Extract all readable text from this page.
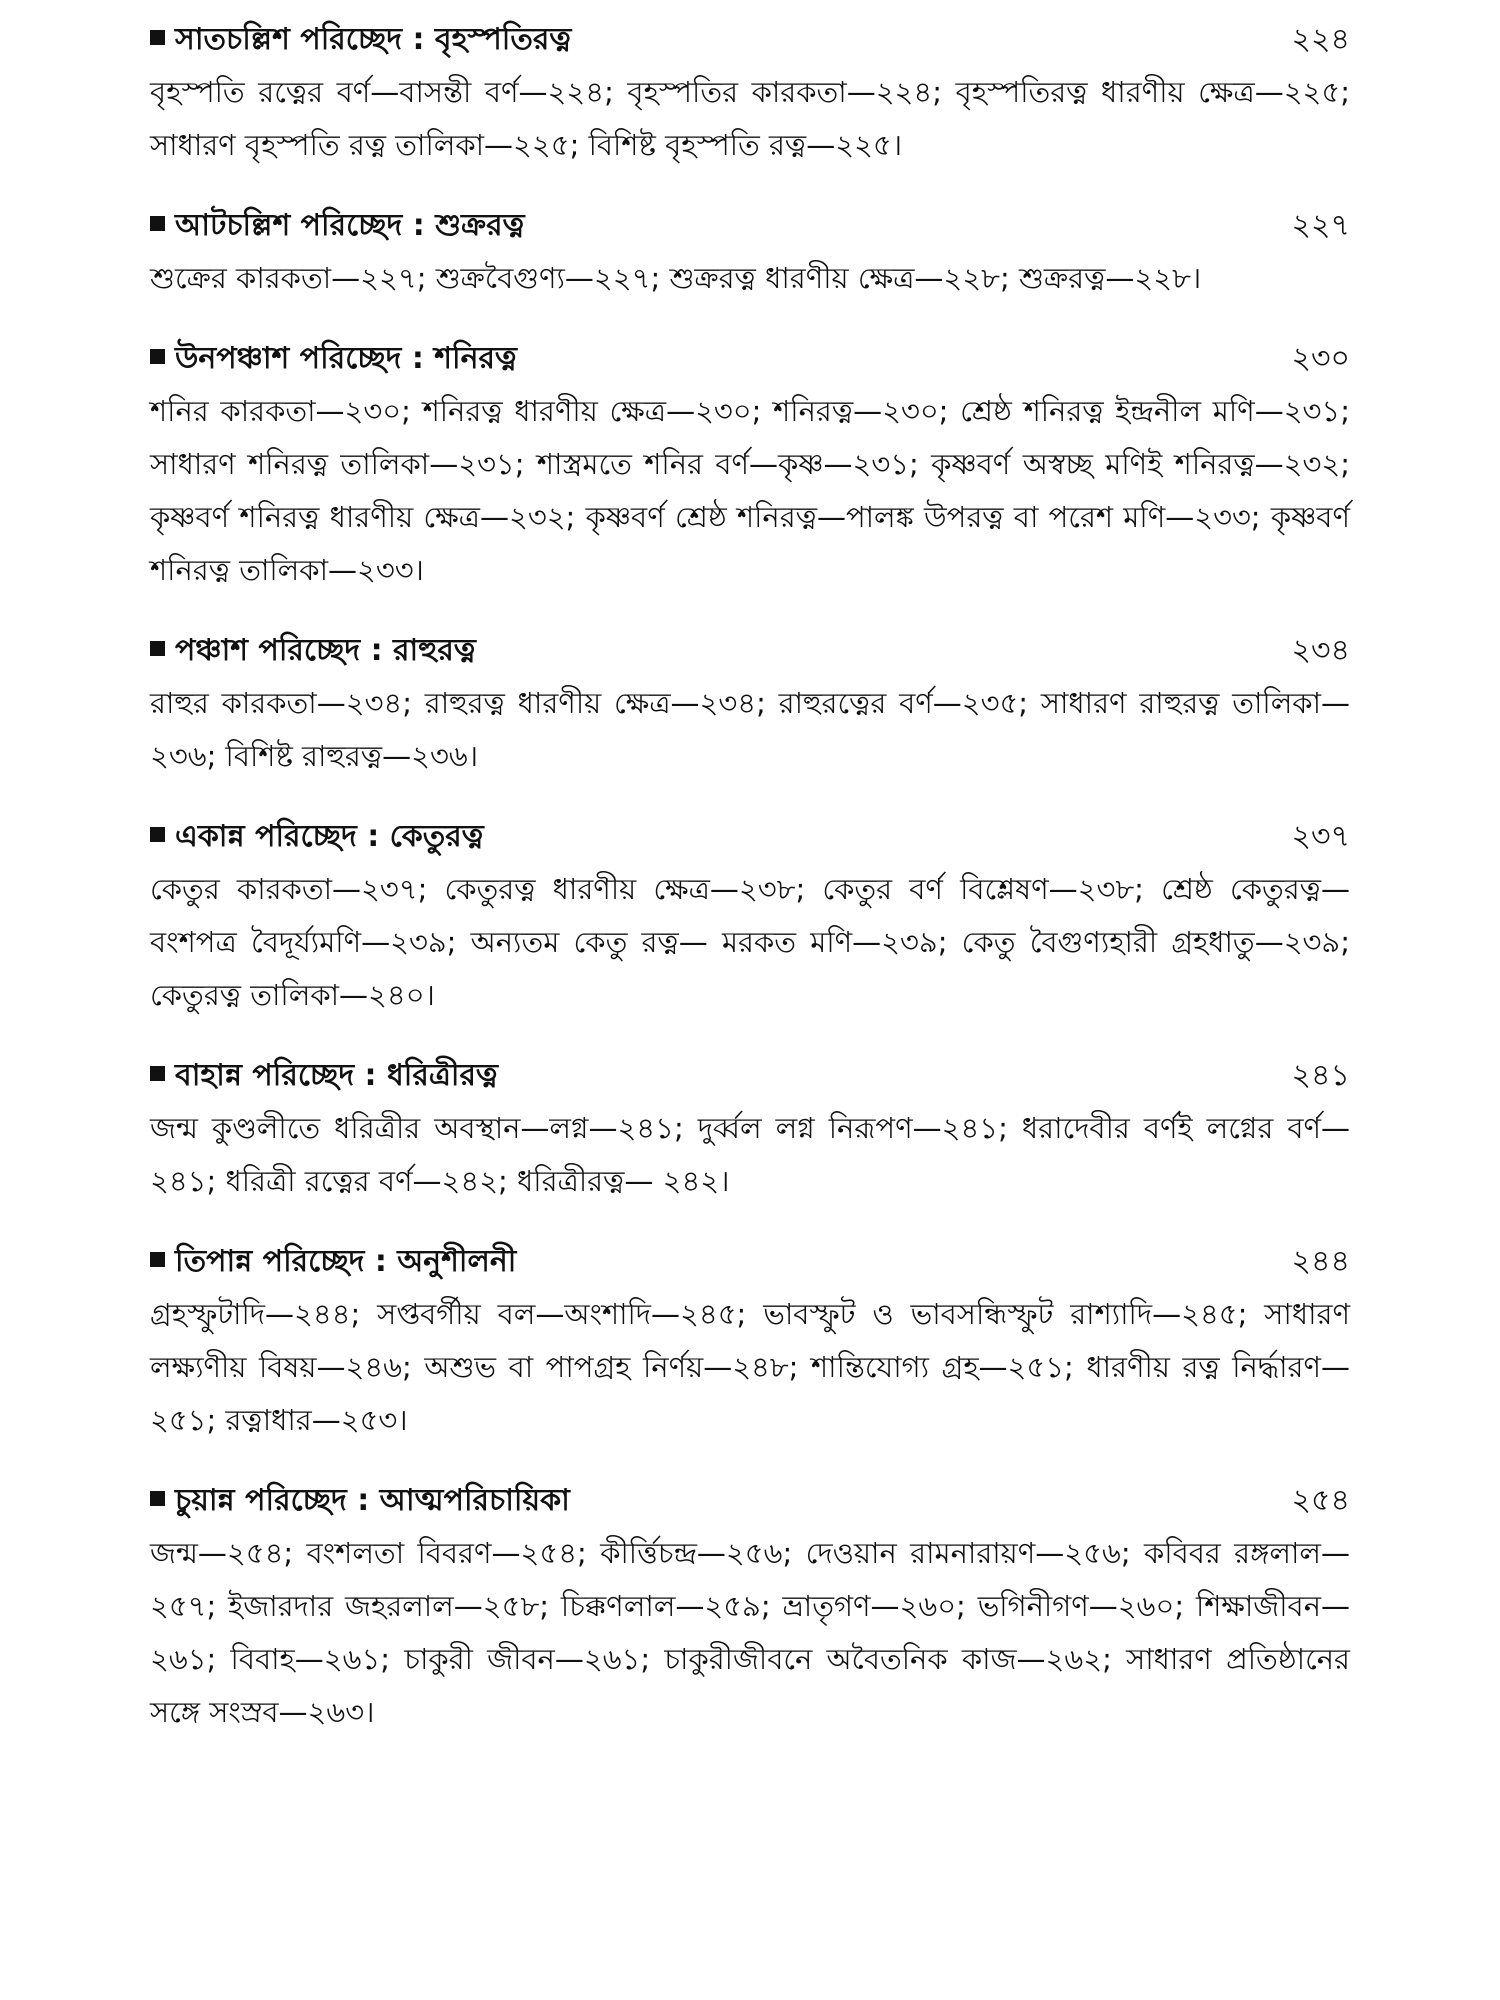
সাতচল্লিশ পরিচ্ছেদ : বৃহস্পতিরত্ন	২২৪
বৃহস্পতি রত্নের বর্ণ—বাসন্তী বর্ণ—২২৪; বৃহস্পতির কারকতা—২২৪; বৃহস্পতিরত্ন ধারণীয় ক্ষেত্র—২২৫; সাধারণ বৃহস্পতি রত্ন তালিকা—২২৫; বিশিষ্ট বৃহস্পতি রত্ন—২২৫।
আটচল্লিশ পরিচ্ছেদ : শুক্ররত্ন	২২৭
শুক্রের কারকতা—২২৭; শুক্রবৈগুণ্য—২২৭; শুক্ররত্ন ধারণীয় ক্ষেত্র—২২৮; শুক্ররত্ন—২২৮।
উনপঞ্চাশ পরিচ্ছেদ : শনিরত্ন	২৩০
শনির কারকতা—২৩০; শনিরত্ন ধারণীয় ক্ষেত্র—২৩০; শনিরত্ন—২৩০; শ্রেষ্ঠ শনিরত্ন ইন্দ্রনীল মণি—২৩১; সাধারণ শনিরত্ন তালিকা—২৩১; শাস্ত্রমতে শনির বর্ণ—কৃষ্ণ—২৩১; কৃষ্ণবর্ণ অস্বচ্ছ মণিই শনিরত্ন—২৩২; কৃষ্ণবর্ণ শনিরত্ন ধারণীয় ক্ষেত্র—২৩২; কৃষ্ণবর্ণ শ্রেষ্ঠ শনিরত্ন—পালঙ্ক উপরত্ন বা পরেশ মণি—২৩৩; কৃষ্ণবর্ণ শনিরত্ন তালিকা—২৩৩।
পঞ্চাশ পরিচ্ছেদ : রাহুরত্ন	২৩৪
রাহুর কারকতা—২৩৪; রাহুরত্ন ধারণীয় ক্ষেত্র—২৩৪; রাহুরত্নের বর্ণ—২৩৫; সাধারণ রাহুরত্ন তালিকা—২৩৬; বিশিষ্ট রাহুরত্ন—২৩৬।
একান্ন পরিচ্ছেদ : কেতুরত্ন	২৩৭
কেতুর কারকতা—২৩৭; কেতুরত্ন ধারণীয় ক্ষেত্র—২৩৮; কেতুর বর্ণ বিশ্লেষণ—২৩৮; শ্রেষ্ঠ কেতুরত্ন—বংশপত্র বৈদূর্য্যমণি—২৩৯; অন্যতম কেতু রত্ন— মরকত মণি—২৩৯; কেতু বৈগুণ্যহারী গ্রহধাতু—২৩৯; কেতুরত্ন তালিকা—২৪০।
বাহান্ন পরিচ্ছেদ : ধরিত্রীরত্ন	২৪১
জন্ম কুণ্ডলীতে ধরিত্রীর অবস্থান—লগ্ন—২৪১; দুর্ব্বল লগ্ন নিরূপণ—২৪১; ধরাদেবীর বর্ণই লগ্নের বর্ণ—২৪১; ধরিত্রী রত্নের বর্ণ—২৪২; ধরিত্রীরত্ন— ২৪২।
তিপান্ন পরিচ্ছেদ : অনুশীলনী	২৪৪
গ্রহস্ফুটাদি—২৪৪; সপ্তবর্গীয় বল—অংশাদি—২৪৫; ভাবস্ফুট ও ভাবসন্ধিস্ফুট রাশ্যাদি—২৪৫; সাধারণ লক্ষ্যণীয় বিষয়—২৪৬; অশুভ বা পাপগ্রহ নির্ণয়—২৪৮; শান্তিযোগ্য গ্রহ—২৫১; ধারণীয় রত্ন নির্দ্ধারণ— ২৫১; রত্নাধার—২৫৩।
চুয়ান্ন পরিচ্ছেদ : আত্মপরিচায়িকা	২৫৪
জন্ম—২৫৪; বংশলতা বিবরণ—২৫৪; কীর্ত্তিচন্দ্র—২৫৬; দেওয়ান রামনারায়ণ—২৫৬; কবিবর রঙ্গলাল—২৫৭; ইজারদার জহরলাল—২৫৮; চিক্কণলাল—২৫৯; ভ্রাতৃগণ—২৬০; ভগিনীগণ—২৬০; শিক্ষাজীবন— ২৬১; বিবাহ—২৬১; চাকুরী জীবন—২৬১; চাকুরীজীবনে অবৈতনিক কাজ—২৬২; সাধারণ প্রতিষ্ঠানের সঙ্গে সংস্রব—২৬৩।
